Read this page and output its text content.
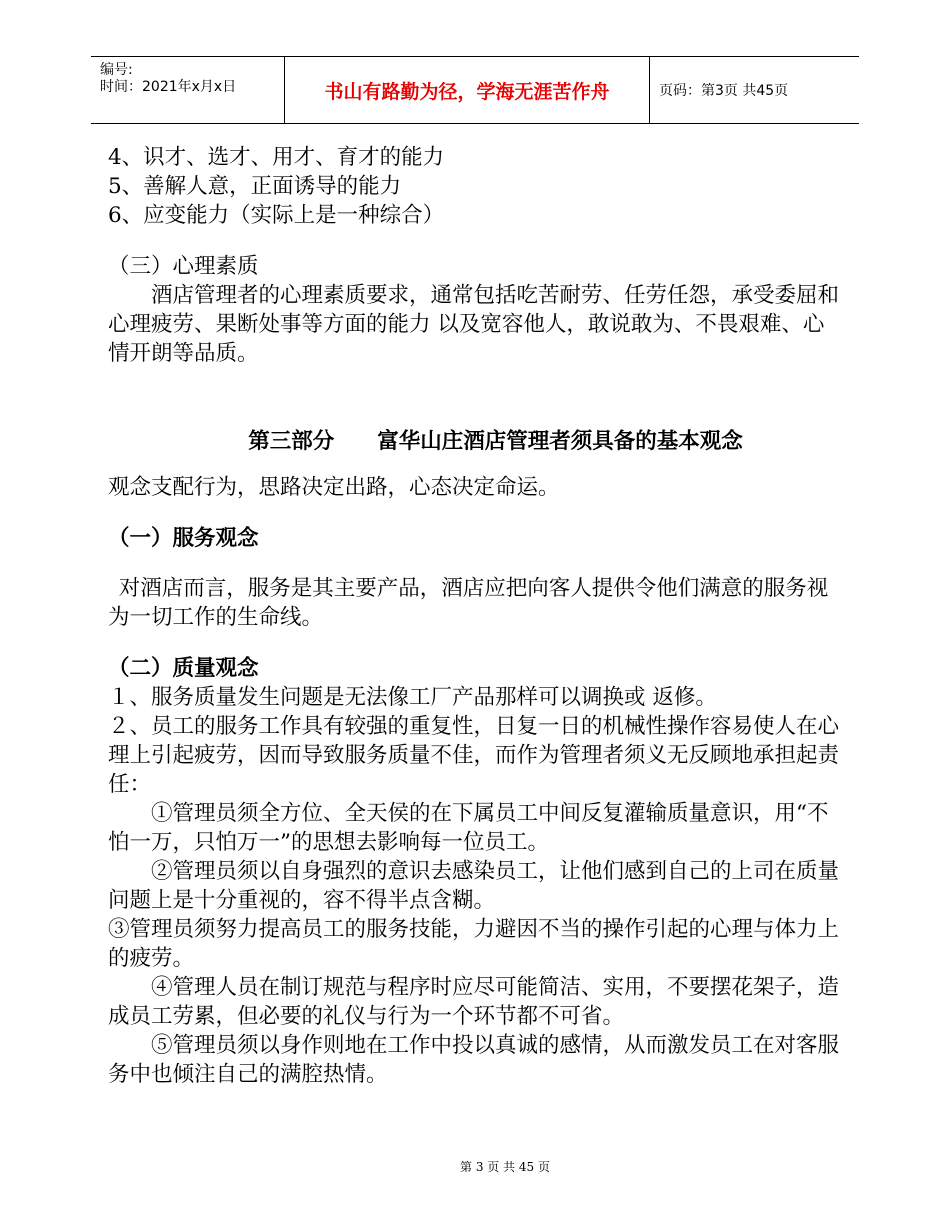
编号:
时间：2021年x月x日	书山有路勤为径，学海无涯苦作舟	页码：第3页 共45页

4、识才、选才、用才、育才的能力

5、善解人意，正面诱导的能力

6、应变能力（实际上是一种综合）

（三）心理素质

酒店管理者的心理素质要求，通常包括吃苦耐劳、任劳任怨，承受委屈和心理疲劳、果断处事等方面的能力 以及宽容他人，敢说敢为、不畏艰难、心情开朗等品质。

第三部分　　富华山庄酒店管理者须具备的基本观念

观念支配行为，思路决定出路，心态决定命运。

（一）服务观念

对酒店而言，服务是其主要产品，酒店应把向客人提供令他们满意的服务视为一切工作的生命线。

（二）质量观念

１、服务质量发生问题是无法像工厂产品那样可以调换或 返修。

２、员工的服务工作具有较强的重复性，日复一日的机械性操作容易使人在心理上引起疲劳，因而导致服务质量不佳，而作为管理者须义无反顾地承担起责任：

①管理员须全方位、全天侯的在下属员工中间反复灌输质量意识，用“不怕一万，只怕万一”的思想去影响每一位员工。

②管理员须以自身强烈的意识去感染员工，让他们感到自己的上司在质量问题上是十分重视的，容不得半点含糊。

③管理员须努力提高员工的服务技能，力避因不当的操作引起的心理与体力上的疲劳。

④管理人员在制订规范与程序时应尽可能简洁、实用，不要摆花架子，造成员工劳累，但必要的礼仪与行为一个环节都不可省。

⑤管理员须以身作则地在工作中投以真诚的感情，从而激发员工在对客服务中也倾注自己的满腔热情。

第 3 页 共 45 页
